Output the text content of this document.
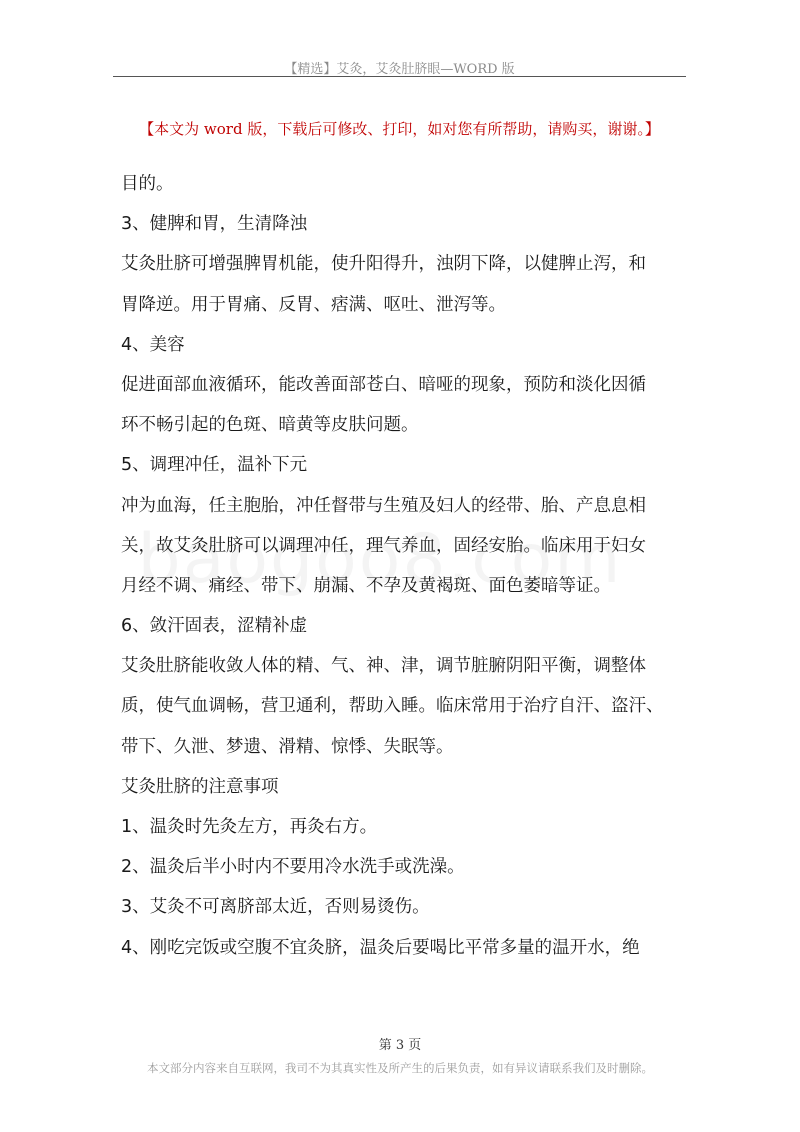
【精选】艾灸，艾灸肚脐眼—WORD 版
【本文为 word 版，下载后可修改、打印，如对您有所帮助，请购买，谢谢。】
目的。
3、健脾和胃，生清降浊
艾灸肚脐可增强脾胃机能，使升阳得升，浊阴下降，以健脾止泻，和
胃降逆。用于胃痛、反胃、痞满、呕吐、泄泻等。
4、美容
促进面部血液循环，能改善面部苍白、暗哑的现象，预防和淡化因循
环不畅引起的色斑、暗黄等皮肤问题。
5、调理冲任，温补下元
冲为血海，任主胞胎，冲任督带与生殖及妇人的经带、胎、产息息相
关，故艾灸肚脐可以调理冲任，理气养血，固经安胎。临床用于妇女
月经不调、痛经、带下、崩漏、不孕及黄褐斑、面色萎暗等证。
6、敛汗固表，涩精补虚
艾灸肚脐能收敛人体的精、气、神、津，调节脏腑阴阳平衡，调整体
质，使气血调畅，营卫通利，帮助入睡。临床常用于治疗自汗、盗汗、
带下、久泄、梦遗、滑精、惊悸、失眠等。
艾灸肚脐的注意事项
1、温灸时先灸左方，再灸右方。
2、温灸后半小时内不要用冷水洗手或洗澡。
3、艾灸不可离脐部太近，否则易烫伤。
4、刚吃完饭或空腹不宜灸脐，温灸后要喝比平常多量的温开水，绝
第 3 页
本文部分内容来自互联网，我司不为其真实性及所产生的后果负责，如有异议请联系我们及时删除。
